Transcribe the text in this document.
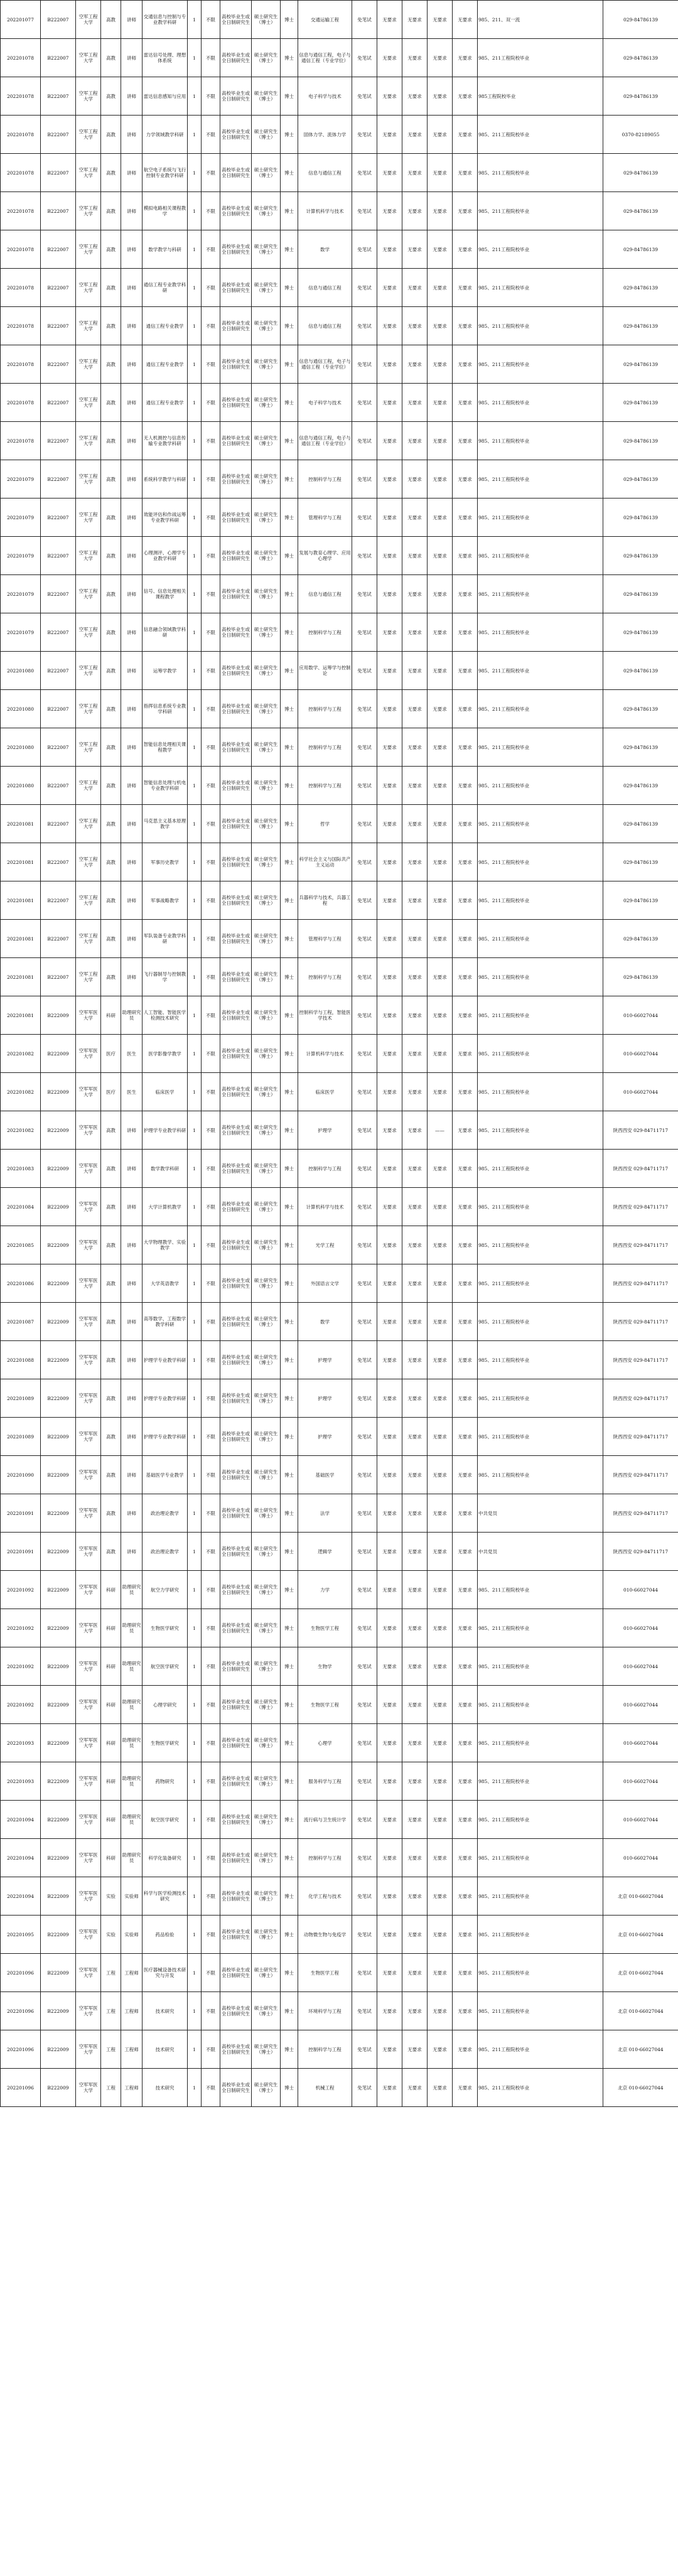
202201077	B222007	空军工程大学	高教	讲师	交通信息与控制与专业教学科研	1	不限	高校毕业生或全日制研究生	硕士研究生（博士）	博士	交通运输工程	免笔试	无要求	无要求	无要求	无要求	985、211、双一流	029-84786139
202201078	B222007	空军工程大学	高教	讲师	雷达信号处理、理想体系统	1	不限	高校毕业生或全日制研究生	硕士研究生（博士）	博士	信息与通信工程，电子与通信工程（专业学位）	免笔试	无要求	无要求	无要求	无要求	985、211工程院校毕业	029-84786139
202201078	B222007	空军工程大学	高教	讲师	雷达信息感知与应用	1	不限	高校毕业生或全日制研究生	硕士研究生（博士）	博士	电子科学与技术	免笔试	无要求	无要求	无要求	无要求	985工程院校毕业	029-84786139
202201078	B222007	空军工程大学	高教	讲师	力学领域教学科研	1	不限	高校毕业生或全日制研究生	硕士研究生（博士）	博士	固体力学、流体力学	免笔试	无要求	无要求	无要求	无要求	985、211工程院校毕业	0370-82189055
202201078	B222007	空军工程大学	高教	讲师	航空电子系统与飞行控制专业教学科研	1	不限	高校毕业生或全日制研究生	硕士研究生（博士）	博士	信息与通信工程	免笔试	无要求	无要求	无要求	无要求	985、211工程院校毕业	029-84786139
202201078	B222007	空军工程大学	高教	讲师	模拟电路相关课程教学	1	不限	高校毕业生或全日制研究生	硕士研究生（博士）	博士	计算机科学与技术	免笔试	无要求	无要求	无要求	无要求	985、211工程院校毕业	029-84786139
202201078	B222007	空军工程大学	高教	讲师	数学教学与科研	1	不限	高校毕业生或全日制研究生	硕士研究生（博士）	博士	数学	免笔试	无要求	无要求	无要求	无要求	985、211工程院校毕业	029-84786139
202201078	B222007	空军工程大学	高教	讲师	通信工程专业教学科研	1	不限	高校毕业生或全日制研究生	硕士研究生（博士）	博士	信息与通信工程	免笔试	无要求	无要求	无要求	无要求	985、211工程院校毕业	029-84786139
202201078	B222007	空军工程大学	高教	讲师	通信工程专业教学	1	不限	高校毕业生或全日制研究生	硕士研究生（博士）	博士	信息与通信工程	免笔试	无要求	无要求	无要求	无要求	985、211工程院校毕业	029-84786139
202201078	B222007	空军工程大学	高教	讲师	通信工程专业教学	1	不限	高校毕业生或全日制研究生	硕士研究生（博士）	博士	信息与通信工程，电子与通信工程（专业学位）	免笔试	无要求	无要求	无要求	无要求	985、211工程院校毕业	029-84786139
202201078	B222007	空军工程大学	高教	讲师	通信工程专业教学	1	不限	高校毕业生或全日制研究生	硕士研究生（博士）	博士	电子科学与技术	免笔试	无要求	无要求	无要求	无要求	985、211工程院校毕业	029-84786139
202201078	B222007	空军工程大学	高教	讲师	无人机测控与信息传输专业教学科研	1	不限	高校毕业生或全日制研究生	硕士研究生（博士）	博士	信息与通信工程，电子与通信工程（专业学位）	免笔试	无要求	无要求	无要求	无要求	985、211工程院校毕业	029-84786139
202201079	B222007	空军工程大学	高教	讲师	系统科学教学与科研	1	不限	高校毕业生或全日制研究生	硕士研究生（博士）	博士	控制科学与工程	免笔试	无要求	无要求	无要求	无要求	985、211工程院校毕业	029-84786139
202201079	B222007	空军工程大学	高教	讲师	效能评估和作战运筹专业教学科研	1	不限	高校毕业生或全日制研究生	硕士研究生（博士）	博士	管理科学与工程	免笔试	无要求	无要求	无要求	无要求	985、211工程院校毕业	029-84786139
202201079	B222007	空军工程大学	高教	讲师	心理测评、心理学专业教学科研	1	不限	高校毕业生或全日制研究生	硕士研究生（博士）	博士	发展与教育心理学、应用心理学	免笔试	无要求	无要求	无要求	无要求	985、211工程院校毕业	029-84786139
202201079	B222007	空军工程大学	高教	讲师	信号、信息处理相关课程教学	1	不限	高校毕业生或全日制研究生	硕士研究生（博士）	博士	信息与通信工程	免笔试	无要求	无要求	无要求	无要求	985、211工程院校毕业	029-84786139
202201079	B222007	空军工程大学	高教	讲师	信息融合领域教学科研	1	不限	高校毕业生或全日制研究生	硕士研究生（博士）	博士	控制科学与工程	免笔试	无要求	无要求	无要求	无要求	985、211工程院校毕业	029-84786139
202201080	B222007	空军工程大学	高教	讲师	运筹学教学	1	不限	高校毕业生或全日制研究生	硕士研究生（博士）	博士	应用数学、运筹学与控制论	免笔试	无要求	无要求	无要求	无要求	985、211工程院校毕业	029-84786139
202201080	B222007	空军工程大学	高教	讲师	指挥信息系统专业教学科研	1	不限	高校毕业生或全日制研究生	硕士研究生（博士）	博士	控制科学与工程	免笔试	无要求	无要求	无要求	无要求	985、211工程院校毕业	029-84786139
202201080	B222007	空军工程大学	高教	讲师	智能信息处理相关课程教学	1	不限	高校毕业生或全日制研究生	硕士研究生（博士）	博士	控制科学与工程	免笔试	无要求	无要求	无要求	无要求	985、211工程院校毕业	029-84786139
202201080	B222007	空军工程大学	高教	讲师	智能信息处理与机电专业教学科研	1	不限	高校毕业生或全日制研究生	硕士研究生（博士）	博士	控制科学与工程	免笔试	无要求	无要求	无要求	无要求	985、211工程院校毕业	029-84786139
202201081	B222007	空军工程大学	高教	讲师	马克思主义基本原理教学	1	不限	高校毕业生或全日制研究生	硕士研究生（博士）	博士	哲学	免笔试	无要求	无要求	无要求	无要求	985、211工程院校毕业	029-84786139
202201081	B222007	空军工程大学	高教	讲师	军事历史教学	1	不限	高校毕业生或全日制研究生	硕士研究生（博士）	博士	科学社会主义与国际共产主义运动	免笔试	无要求	无要求	无要求	无要求	985、211工程院校毕业	029-84786139
202201081	B222007	空军工程大学	高教	讲师	军事战略教学	1	不限	高校毕业生或全日制研究生	硕士研究生（博士）	博士	兵器科学与技术，兵器工程	免笔试	无要求	无要求	无要求	无要求	985、211工程院校毕业	029-84786139
202201081	B222007	空军工程大学	高教	讲师	军队装备专业教学科研	1	不限	高校毕业生或全日制研究生	硕士研究生（博士）	博士	管理科学与工程	免笔试	无要求	无要求	无要求	无要求	985、211工程院校毕业	029-84786139
202201081	B222007	空军工程大学	高教	讲师	飞行器制导与控制教学	1	不限	高校毕业生或全日制研究生	硕士研究生（博士）	博士	控制科学与工程	免笔试	无要求	无要求	无要求	无要求	985、211工程院校毕业	029-84786139
202201081	B222009	空军军医大学	科研	助理研究员	人工智能、智能医学检测技术研究	1	不限	高校毕业生或全日制研究生	硕士研究生（博士）	博士	控制科学与工程，智能医学技术	免笔试	无要求	无要求	无要求	无要求	985、211工程院校毕业	010-66027044
202201082	B222009	空军军医大学	医疗	医生	医学影像学教学	1	不限	高校毕业生或全日制研究生	硕士研究生（博士）	博士	计算机科学与技术	免笔试	无要求	无要求	无要求	无要求	985、211工程院校毕业	010-66027044
202201082	B222009	空军军医大学	医疗	医生	临床医学	1	不限	高校毕业生或全日制研究生	硕士研究生（博士）	博士	临床医学	免笔试	无要求	无要求	无要求	无要求	985、211工程院校毕业	010-66027044
202201082	B222009	空军军医大学	高教	讲师	护理学专业教学科研	1	不限	高校毕业生或全日制研究生	硕士研究生（博士）	博士	护理学	免笔试	无要求	无要求	——	无要求	985、211工程院校毕业	陕西西安 029-84711717
202201083	B222009	空军军医大学	高教	讲师	数学教学科研	1	不限	高校毕业生或全日制研究生	硕士研究生（博士）	博士	控制科学与工程	免笔试	无要求	无要求	无要求	无要求	985、211工程院校毕业	陕西西安 029-84711717
202201084	B222009	空军军医大学	高教	讲师	大学计算机教学	1	不限	高校毕业生或全日制研究生	硕士研究生（博士）	博士	计算机科学与技术	免笔试	无要求	无要求	无要求	无要求	985、211工程院校毕业	陕西西安 029-84711717
202201085	B222009	空军军医大学	高教	讲师	大学物理教学、实验教学	1	不限	高校毕业生或全日制研究生	硕士研究生（博士）	博士	光学工程	免笔试	无要求	无要求	无要求	无要求	985、211工程院校毕业	陕西西安 029-84711717
202201086	B222009	空军军医大学	高教	讲师	大学英语教学	1	不限	高校毕业生或全日制研究生	硕士研究生（博士）	博士	外国语言文学	免笔试	无要求	无要求	无要求	无要求	985、211工程院校毕业	陕西西安 029-84711717
202201087	B222009	空军军医大学	高教	讲师	高等数学、工程数学教学科研	1	不限	高校毕业生或全日制研究生	硕士研究生（博士）	博士	数学	免笔试	无要求	无要求	无要求	无要求	985、211工程院校毕业	陕西西安 029-84711717
202201088	B222009	空军军医大学	高教	讲师	护理学专业教学科研	1	不限	高校毕业生或全日制研究生	硕士研究生（博士）	博士	护理学	免笔试	无要求	无要求	无要求	无要求	985、211工程院校毕业	陕西西安 029-84711717
202201089	B222009	空军军医大学	高教	讲师	护理学专业教学科研	1	不限	高校毕业生或全日制研究生	硕士研究生（博士）	博士	护理学	免笔试	无要求	无要求	无要求	无要求	985、211工程院校毕业	陕西西安 029-84711717
202201089	B222009	空军军医大学	高教	讲师	护理学专业教学科研	1	不限	高校毕业生或全日制研究生	硕士研究生（博士）	博士	护理学	免笔试	无要求	无要求	无要求	无要求	985、211工程院校毕业	陕西西安 029-84711717
202201090	B222009	空军军医大学	高教	讲师	基础医学专业教学	1	不限	高校毕业生或全日制研究生	硕士研究生（博士）	博士	基础医学	免笔试	无要求	无要求	无要求	无要求	985、211工程院校毕业	陕西西安 029-84711717
202201091	B222009	空军军医大学	高教	讲师	政治理论教学	1	不限	高校毕业生或全日制研究生	硕士研究生（博士）	博士	法学	免笔试	无要求	无要求	无要求	无要求	中共党员	陕西西安 029-84711717
202201091	B222009	空军军医大学	高教	讲师	政治理论教学	1	不限	高校毕业生或全日制研究生	硕士研究生（博士）	博士	逻辑学	免笔试	无要求	无要求	无要求	无要求	中共党员	陕西西安 029-84711717
202201092	B222009	空军军医大学	科研	助理研究员	航空力学研究	1	不限	高校毕业生或全日制研究生	硕士研究生（博士）	博士	力学	免笔试	无要求	无要求	无要求	无要求	985、211工程院校毕业	010-66027044
202201092	B222009	空军军医大学	科研	助理研究员	生物医学研究	1	不限	高校毕业生或全日制研究生	硕士研究生（博士）	博士	生物医学工程	免笔试	无要求	无要求	无要求	无要求	985、211工程院校毕业	010-66027044
202201092	B222009	空军军医大学	科研	助理研究员	航空医学研究	1	不限	高校毕业生或全日制研究生	硕士研究生（博士）	博士	生物学	免笔试	无要求	无要求	无要求	无要求	985、211工程院校毕业	010-66027044
202201092	B222009	空军军医大学	科研	助理研究员	心理学研究	1	不限	高校毕业生或全日制研究生	硕士研究生（博士）	博士	生物医学工程	免笔试	无要求	无要求	无要求	无要求	985、211工程院校毕业	010-66027044
202201093	B222009	空军军医大学	科研	助理研究员	生物医学研究	1	不限	高校毕业生或全日制研究生	硕士研究生（博士）	博士	心理学	免笔试	无要求	无要求	无要求	无要求	985、211工程院校毕业	010-66027044
202201093	B222009	空军军医大学	科研	助理研究员	药物研究	1	不限	高校毕业生或全日制研究生	硕士研究生（博士）	博士	服务科学与工程	免笔试	无要求	无要求	无要求	无要求	985、211工程院校毕业	010-66027044
202201094	B222009	空军军医大学	科研	助理研究员	航空医学研究	1	不限	高校毕业生或全日制研究生	硕士研究生（博士）	博士	流行病与卫生统计学	免笔试	无要求	无要求	无要求	无要求	985、211工程院校毕业	010-66027044
202201094	B222009	空军军医大学	科研	助理研究员	科学化装备研究	1	不限	高校毕业生或全日制研究生	硕士研究生（博士）	博士	控制科学与工程	免笔试	无要求	无要求	无要求	无要求	985、211工程院校毕业	010-66027044
202201094	B222009	空军军医大学	实验	实验师	科学与医学检测技术研究	1	不限	高校毕业生或全日制研究生	硕士研究生（博士）	博士	化学工程与技术	免笔试	无要求	无要求	无要求	无要求	985、211工程院校毕业	北京 010-66027044
202201095	B222009	空军军医大学	实验	实验师	药品检验	1	不限	高校毕业生或全日制研究生	硕士研究生（博士）	博士	动物微生物与免疫学	免笔试	无要求	无要求	无要求	无要求	985、211工程院校毕业	北京 010-66027044
202201096	B222009	空军军医大学	工程	工程师	医疗器械设备技术研究与开发	1	不限	高校毕业生或全日制研究生	硕士研究生（博士）	博士	生物医学工程	免笔试	无要求	无要求	无要求	无要求	985、211工程院校毕业	北京 010-66027044
202201096	B222009	空军军医大学	工程	工程师	技术研究	1	不限	高校毕业生或全日制研究生	硕士研究生（博士）	博士	环境科学与工程	免笔试	无要求	无要求	无要求	无要求	985、211工程院校毕业	北京 010-66027044
202201096	B222009	空军军医大学	工程	工程师	技术研究	1	不限	高校毕业生或全日制研究生	硕士研究生（博士）	博士	控制科学与工程	免笔试	无要求	无要求	无要求	无要求	985、211工程院校毕业	北京 010-66027044
202201096	B222009	空军军医大学	工程	工程师	技术研究	1	不限	高校毕业生或全日制研究生	硕士研究生（博士）	博士	机械工程	免笔试	无要求	无要求	无要求	无要求	985、211工程院校毕业	北京 010-66027044
